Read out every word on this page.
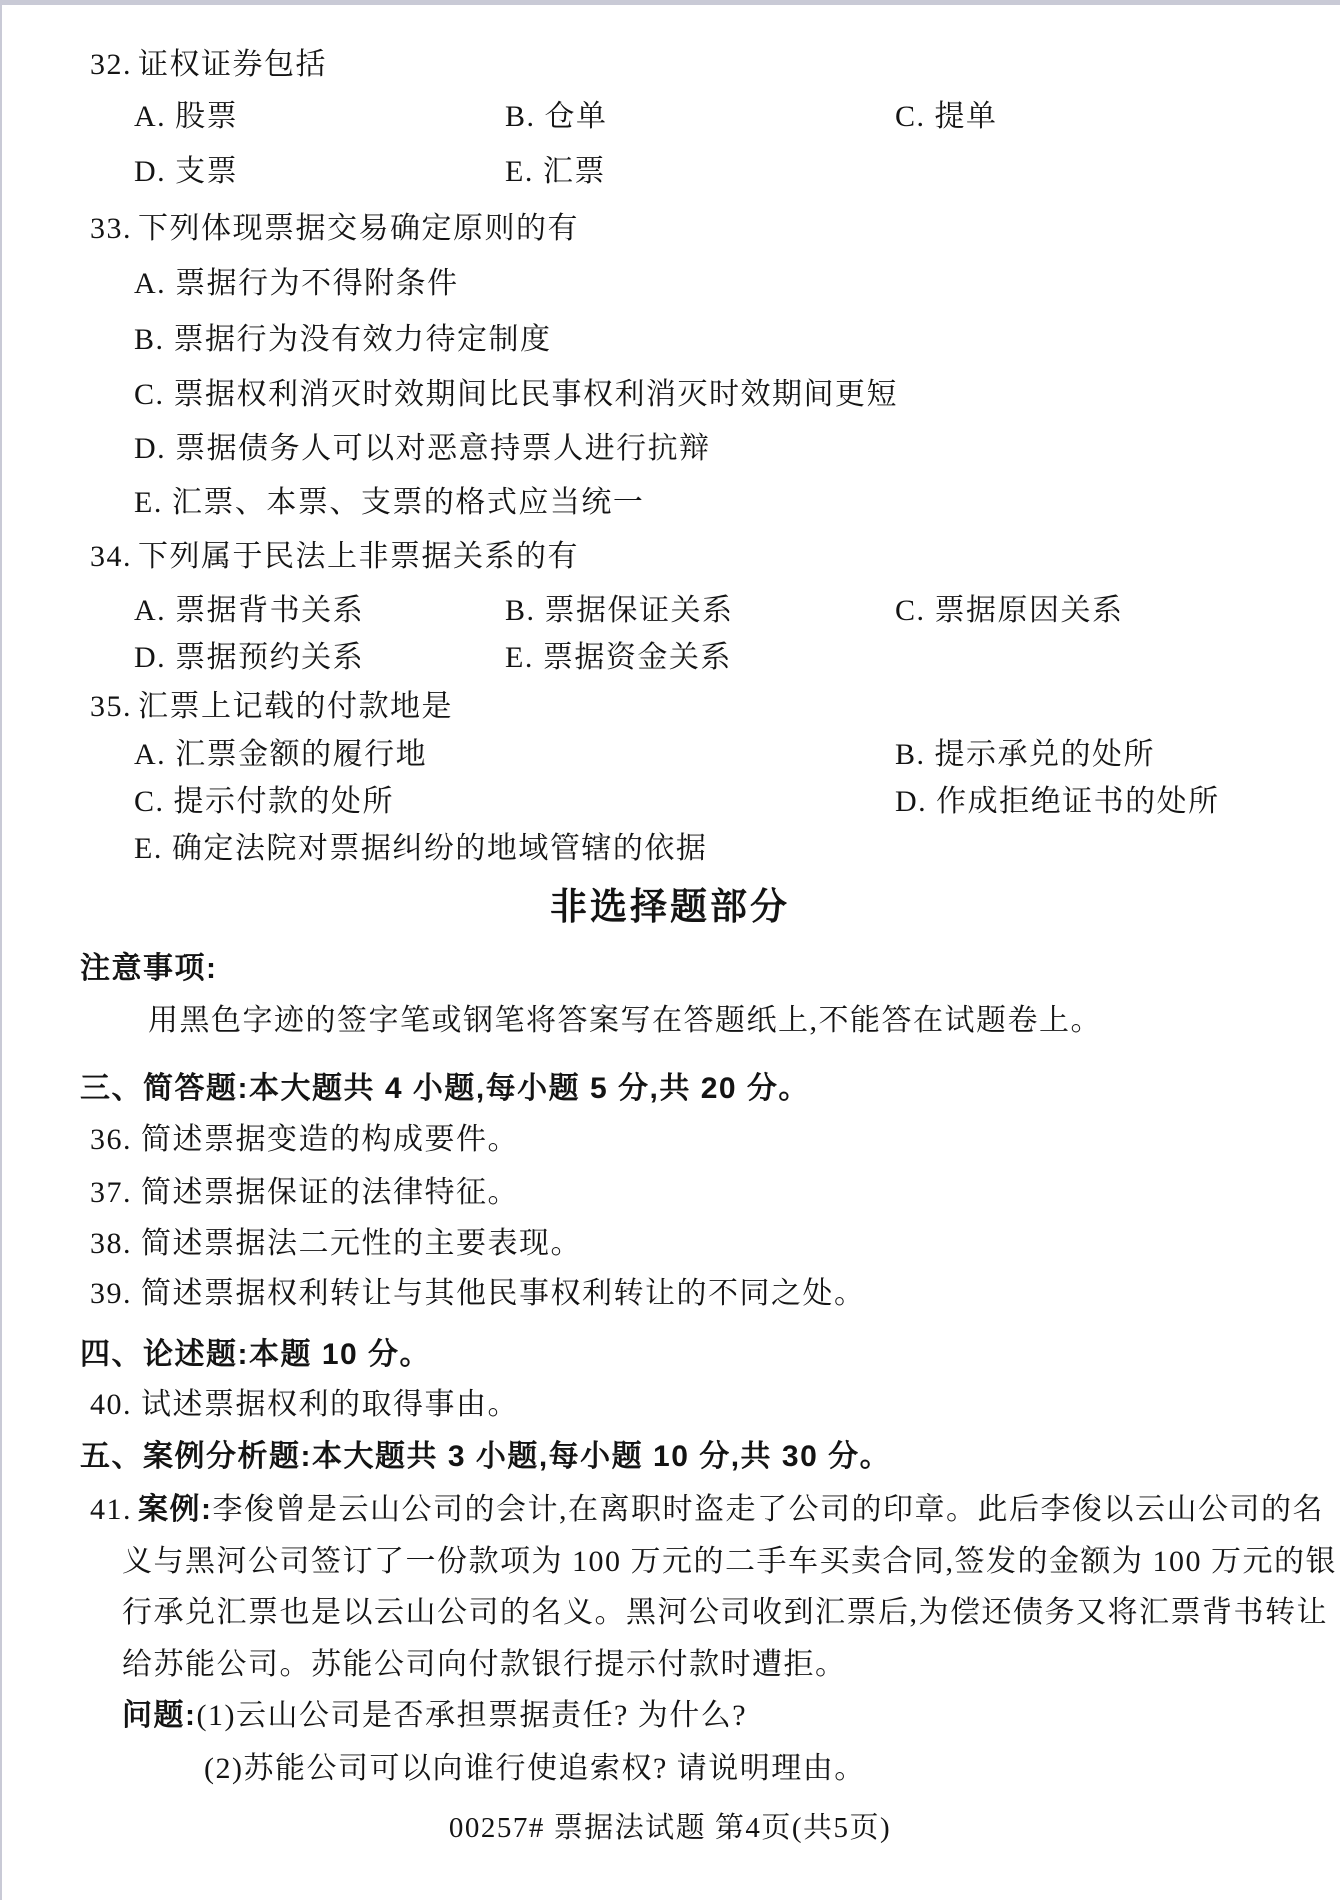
32. 证权证券包括
A. 股票	B. 仓单	C. 提单
D. 支票	E. 汇票
33. 下列体现票据交易确定原则的有
A. 票据行为不得附条件
B. 票据行为没有效力待定制度
C. 票据权利消灭时效期间比民事权利消灭时效期间更短
D. 票据债务人可以对恶意持票人进行抗辩
E. 汇票、本票、支票的格式应当统一
34. 下列属于民法上非票据关系的有
A. 票据背书关系	B. 票据保证关系	C. 票据原因关系
D. 票据预约关系	E. 票据资金关系
35. 汇票上记载的付款地是
A. 汇票金额的履行地	B. 提示承兑的处所
C. 提示付款的处所	D. 作成拒绝证书的处所
E. 确定法院对票据纠纷的地域管辖的依据
非选择题部分
注意事项:
用黑色字迹的签字笔或钢笔将答案写在答题纸上,不能答在试题卷上。
三、简答题:本大题共 4 小题,每小题 5 分,共 20 分。
36. 简述票据变造的构成要件。
37. 简述票据保证的法律特征。
38. 简述票据法二元性的主要表现。
39. 简述票据权利转让与其他民事权利转让的不同之处。
四、论述题:本题 10 分。
40. 试述票据权利的取得事由。
五、案例分析题:本大题共 3 小题,每小题 10 分,共 30 分。
41. 案例:李俊曾是云山公司的会计,在离职时盗走了公司的印章。此后李俊以云山公司的名
义与黑河公司签订了一份款项为 100 万元的二手车买卖合同,签发的金额为 100 万元的银
行承兑汇票也是以云山公司的名义。黑河公司收到汇票后,为偿还债务又将汇票背书转让
给苏能公司。苏能公司向付款银行提示付款时遭拒。
问题:(1)云山公司是否承担票据责任? 为什么?
(2)苏能公司可以向谁行使追索权? 请说明理由。
00257# 票据法试题 第4页(共5页)
